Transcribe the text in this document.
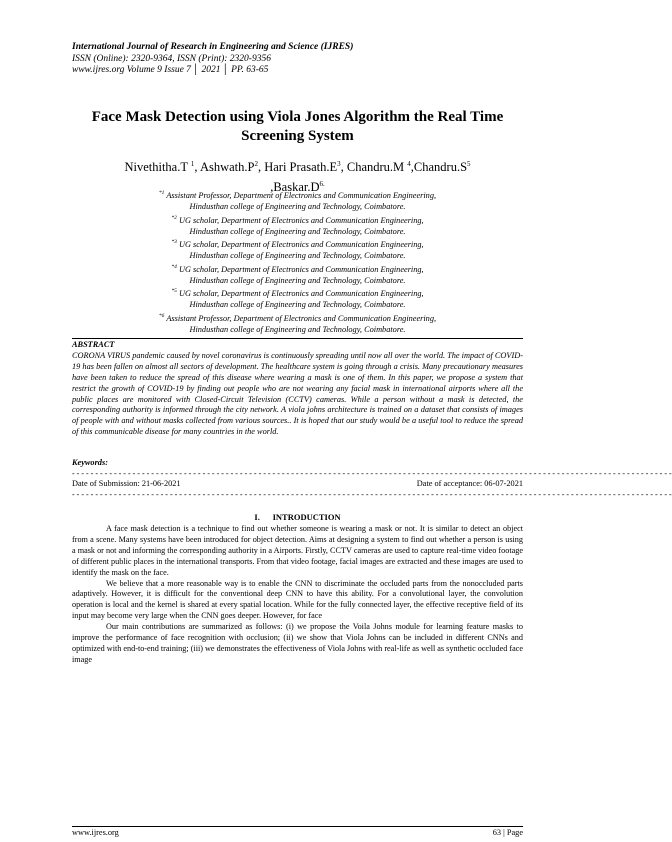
International Journal of Research in Engineering and Science (IJRES)
ISSN (Online): 2320-9364, ISSN (Print): 2320-9356
www.ijres.org Volume 9 Issue 7 │ 2021 │ PP. 63-65
Face Mask Detection using Viola Jones Algorithm the Real Time Screening System
Nivethitha.T $^1$, $Ashwath.P^2$, Hari $Prasath.E^3$, Chandru.M $^4,Chandru.S^5$
$,Baskar.D^{6.}$
$^{*1}$ Assistant Professor, Department of Electronics and Communication Engineering,
Hindusthan college of Engineering and Technology, Coimbatore.
$^{*2}$ UG scholar, Department of Electronics and Communication Engineering,
Hindusthan college of Engineering and Technology, Coimbatore.
$^{*3}$ UG scholar, Department of Electronics and Communication Engineering,
Hindusthan college of Engineering and Technology, Coimbatore.
$^{*4}$ UG scholar, Department of Electronics and Communication Engineering,
Hindusthan college of Engineering and Technology, Coimbatore.
$^{*5}$ UG scholar, Department of Electronics and Communication Engineering,
Hindusthan college of Engineering and Technology, Coimbatore.
$^{*6}$ Assistant Professor, Department of Electronics and Communication Engineering,
Hindusthan college of Engineering and Technology, Coimbatore.
ABSTRACT
CORONA VIRUS pandemic caused by novel coronavirus is continuously spreading until now all over the world. The impact of COVID-19 has been fallen on almost all sectors of development. The healthcare system is going through a crisis. Many precautionary measures have been taken to reduce the spread of this disease where wearing a mask is one of them. In this paper, we propose a system that restrict the growth of COVID-19 by finding out people who are not wearing any facial mask in international airports where all the public places are monitored with Closed-Circuit Television (CCTV) cameras. While a person without a mask is detected, the corresponding authority is informed through the city network. A viola johns architecture is trained on a dataset that consists of images of people with and without masks collected from various sources.. It is hoped that our study would be a useful tool to reduce the spread of this communicable disease for many countries in the world.
Keywords:
- - - - - - - - - - - - - - - - - - - - - - - - - - - - - - - - - - - - - - - - - - - - - - - - - - - - - - - - - - - - - - - - - - - - - - - - - - - - - - - - - - - - - - - - - - - - - - - - - - - - - - - - - - - - - - - - - - - - - - - - - - - - - - - - -
Date of Submission: 21-06-2021	Date of acceptance: 06-07-2021
- - - - - - - - - - - - - - - - - - - - - - - - - - - - - - - - - - - - - - - - - - - - - - - - - - - - - - - - - - - - - - - - - - - - - - - - - - - - - - - - - - - - - - - - - - - - - - - - - - - - - - - - - - - - - - - - - - - - - - - - - - - - - - - - -
I. INTRODUCTION

A face mask detection is a technique to find out whether someone is wearing a mask or not. It is similar to detect an object from a scene. Many systems have been introduced for object detection. Aims at designing a system to find out whether a person is using a mask or not and informing the corresponding authority in a Airports. Firstly, CCTV cameras are used to capture real-time video footage of different public places in the international transports. From that video footage, facial images are extracted and these images are used to identify the mask on the face.

We believe that a more reasonable way is to enable the CNN to discriminate the occluded parts from the nonoccluded parts adaptively. However, it is difficult for the conventional deep CNN to have this ability. For a convolutional layer, the convolution operation is local and the kernel is shared at every spatial location. While for the fully connected layer, the effective receptive field of its input may become very large when the CNN goes deeper. However, for face

Our main contributions are summarized as follows: (i) we propose the Voila Johns module for learning feature masks to improve the performance of face recognition with occlusion; (ii) we show that Viola Johns can be included in different CNNs and optimized with end-to-end training; (iii) we demonstrates the effectiveness of Viola Johns with real-life as well as synthetic occluded face image

www.ijres.org	63 | Page
